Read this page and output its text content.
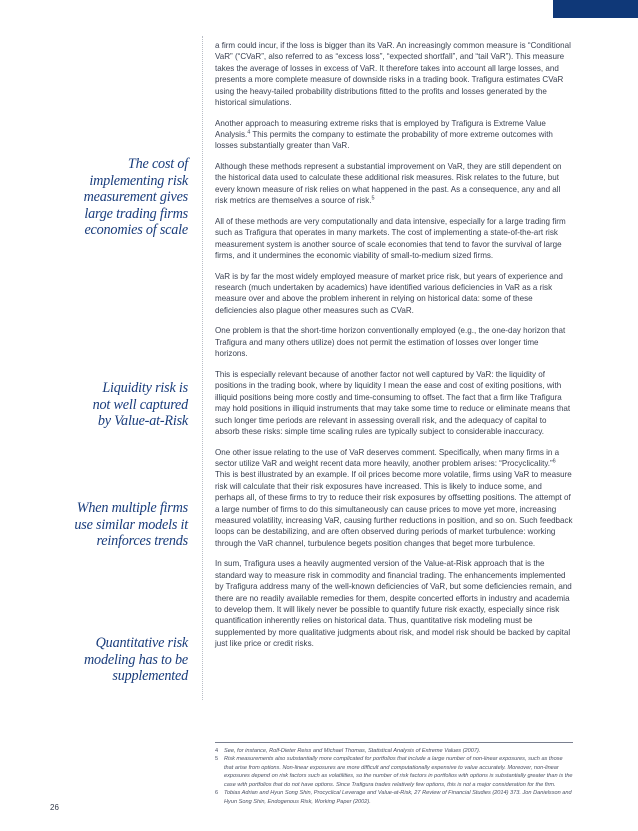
The cost of
implementing risk
measurement gives
large trading firms
economies of scale
Liquidity risk is
not well captured
by Value-at-Risk
When multiple firms
use similar models it
reinforces trends
Quantitative risk
modeling has to be
supplemented

a firm could incur, if the loss is bigger than its VaR. An increasingly common measure is “Conditional VaR” (“CVaR”, also referred to as “excess loss”, “expected shortfall”, and “tail VaR”). This measure takes the average of losses in excess of VaR. It therefore takes into account all large losses, and presents a more complete measure of downside risks in a trading book. Trafigura estimates CVaR using the heavy-tailed probability distributions fitted to the profits and losses generated by the historical simulations.

Another approach to measuring extreme risks that is employed by Trafigura is Extreme Value Analysis.$^4$ This permits the company to estimate the probability of more extreme outcomes with losses substantially greater than VaR.

Although these methods represent a substantial improvement on VaR, they are still dependent on the historical data used to calculate these additional risk measures. Risk relates to the future, but every known measure of risk relies on what happened in the past. As a consequence, any and all risk metrics are themselves a source of risk.$^5$

All of these methods are very computationally and data intensive, especially for a large trading firm such as Trafigura that operates in many markets. The cost of implementing a state-of-the-art risk measurement system is another source of scale economies that tend to favor the survival of large firms, and it undermines the economic viability of small-to-medium sized firms.

VaR is by far the most widely employed measure of market price risk, but years of experience and research (much undertaken by academics) have identified various deficiencies in VaR as a risk measure over and above the problem inherent in relying on historical data: some of these deficiencies also plague other measures such as CVaR.

One problem is that the short-time horizon conventionally employed (e.g., the one-day horizon that Trafigura and many others utilize) does not permit the estimation of losses over longer time horizons.

This is especially relevant because of another factor not well captured by VaR: the liquidity of positions in the trading book, where by liquidity I mean the ease and cost of exiting positions, with illiquid positions being more costly and time-consuming to offset. The fact that a firm like Trafigura may hold positions in illiquid instruments that may take some time to reduce or eliminate means that such longer time periods are relevant in assessing overall risk, and the adequacy of capital to absorb these risks: simple time scaling rules are typically subject to considerable inaccuracy.

One other issue relating to the use of VaR deserves comment. Specifically, when many firms in a sector utilize VaR and weight recent data more heavily, another problem arises: “Procyclicality.”$^6$ This is best illustrated by an example. If oil prices become more volatile, firms using VaR to measure risk will calculate that their risk exposures have increased. This is likely to induce some, and perhaps all, of these firms to try to reduce their risk exposures by offsetting positions. The attempt of a large number of firms to do this simultaneously can cause prices to move yet more, increasing measured volatility, increasing VaR, causing further reductions in position, and so on. Such feedback loops can be destabilizing, and are often observed during periods of market turbulence: working through the VaR channel, turbulence begets position changes that beget more turbulence.

In sum, Trafigura uses a heavily augmented version of the Value-at-Risk approach that is the standard way to measure risk in commodity and financial trading. The enhancements implemented by Trafigura address many of the well-known deficiencies of VaR, but some deficiencies remain, and there are no readily available remedies for them, despite concerted efforts in industry and academia to develop them. It will likely never be possible to quantify future risk exactly, especially since risk quantification inherently relies on historical data. Thus, quantitative risk modeling must be supplemented by more qualitative judgments about risk, and model risk should be backed by capital just like price or credit risks.

4 See, for instance, Rolf-Dieter Reiss and Michael Thomas, Statistical Analysis of Extreme Values (2007).
5 Risk measurements also substantially more complicated for portfolios that include a large number of non-linear exposures, such as those that arise from options. Non-linear exposures are more difficult and computationally expensive to value accurately. Moreover, non-linear exposures depend on risk factors such as volatilities, so the number of risk factors in portfolios with options is substantially greater than is the case with portfolios that do not have options. Since Trafigura trades relatively few options, this is not a major consideration for the firm.
6 Tobias Adrian and Hyun Song Shin, Procyclical Leverage and Value-at-Risk, 27 Review of Financial Studies (2014) 373. Jon Danielsson and Hyun Song Shin, Endogenous Risk, Working Paper (2002).
26
